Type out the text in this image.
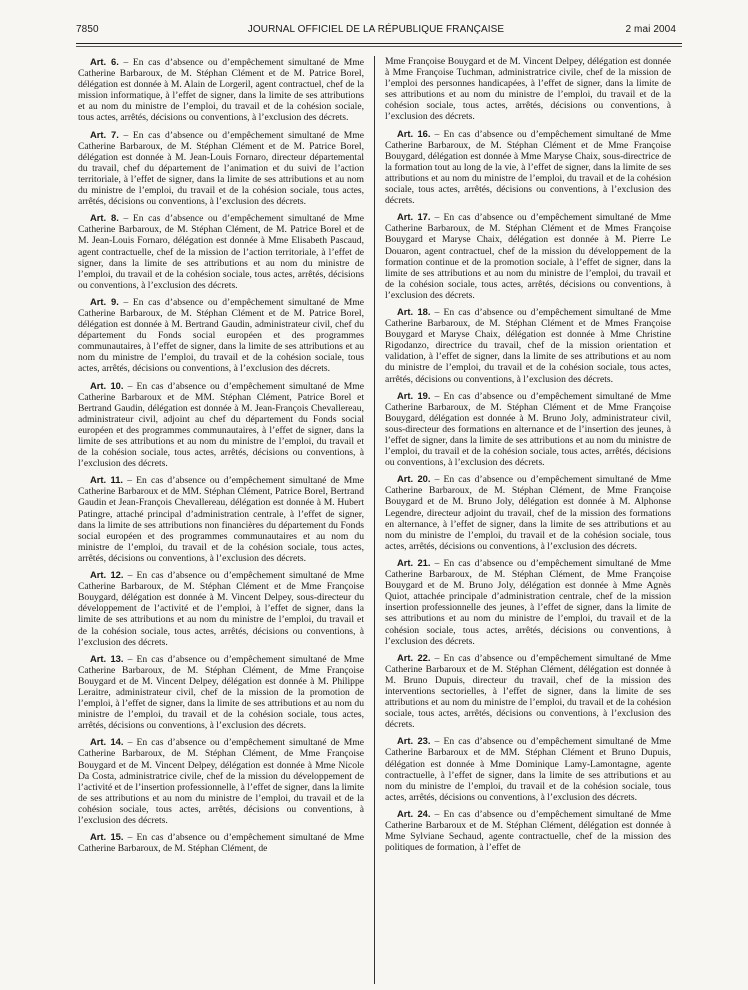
7850	JOURNAL OFFICIEL DE LA RÉPUBLIQUE FRANÇAISE	2 mai 2004

Art. 6. – En cas d’absence ou d’empêchement simultané de Mme Catherine Barbaroux, de M. Stéphan Clément et de M. Patrice Borel, délégation est donnée à M. Alain de Lorgeril, agent contractuel, chef de la mission informatique, à l’effet de signer, dans la limite de ses attributions et au nom du ministre de l’emploi, du travail et de la cohésion sociale, tous actes, arrêtés, décisions ou conventions, à l’exclusion des décrets.

Art. 7. – En cas d’absence ou d’empêchement simultané de Mme Catherine Barbaroux, de M. Stéphan Clément et de M. Patrice Borel, délégation est donnée à M. Jean-Louis Fornaro, directeur départemental du travail, chef du département de l’animation et du suivi de l’action territoriale, à l’effet de signer, dans la limite de ses attributions et au nom du ministre de l’emploi, du travail et de la cohésion sociale, tous actes, arrêtés, décisions ou conventions, à l’exclusion des décrets.

Art. 8. – En cas d’absence ou d’empêchement simultané de Mme Catherine Barbaroux, de M. Stéphan Clément, de M. Patrice Borel et de M. Jean-Louis Fornaro, délégation est donnée à Mme Elisabeth Pascaud, agent contractuelle, chef de la mission de l’action territoriale, à l’effet de signer, dans la limite de ses attributions et au nom du ministre de l’emploi, du travail et de la cohésion sociale, tous actes, arrêtés, décisions ou conventions, à l’exclusion des décrets.

Art. 9. – En cas d’absence ou d’empêchement simultané de Mme Catherine Barbaroux, de M. Stéphan Clément et de M. Patrice Borel, délégation est donnée à M. Bertrand Gaudin, administrateur civil, chef du département du Fonds social européen et des programmes communautaires, à l’effet de signer, dans la limite de ses attributions et au nom du ministre de l’emploi, du travail et de la cohésion sociale, tous actes, arrêtés, décisions ou conventions, à l’exclusion des décrets.

Art. 10. – En cas d’absence ou d’empêchement simultané de Mme Catherine Barbaroux et de MM. Stéphan Clément, Patrice Borel et Bertrand Gaudin, délégation est donnée à M. Jean-François Chevallereau, administrateur civil, adjoint au chef du département du Fonds social européen et des programmes communautaires, à l’effet de signer, dans la limite de ses attributions et au nom du ministre de l’emploi, du travail et de la cohésion sociale, tous actes, arrêtés, décisions ou conventions, à l’exclusion des décrets.

Art. 11. – En cas d’absence ou d’empêchement simultané de Mme Catherine Barbaroux et de MM. Stéphan Clément, Patrice Borel, Bertrand Gaudin et Jean-François Chevallereau, délégation est donnée à M. Hubert Patingre, attaché principal d’administration centrale, à l’effet de signer, dans la limite de ses attributions non financières du département du Fonds social européen et des programmes communautaires et au nom du ministre de l’emploi, du travail et de la cohésion sociale, tous actes, arrêtés, décisions ou conventions, à l’exclusion des décrets.

Art. 12. – En cas d’absence ou d’empêchement simultané de Mme Catherine Barbaroux, de M. Stéphan Clément et de Mme Françoise Bouygard, délégation est donnée à M. Vincent Delpey, sous-directeur du développement de l’activité et de l’emploi, à l’effet de signer, dans la limite de ses attributions et au nom du ministre de l’emploi, du travail et de la cohésion sociale, tous actes, arrêtés, décisions ou conventions, à l’exclusion des décrets.

Art. 13. – En cas d’absence ou d’empêchement simultané de Mme Catherine Barbaroux, de M. Stéphan Clément, de Mme Françoise Bouygard et de M. Vincent Delpey, délégation est donnée à M. Philippe Leraitre, administrateur civil, chef de la mission de la promotion de l’emploi, à l’effet de signer, dans la limite de ses attributions et au nom du ministre de l’emploi, du travail et de la cohésion sociale, tous actes, arrêtés, décisions ou conventions, à l’exclusion des décrets.

Art. 14. – En cas d’absence ou d’empêchement simultané de Mme Catherine Barbaroux, de M. Stéphan Clément, de Mme Françoise Bouygard et de M. Vincent Delpey, délégation est donnée à Mme Nicole Da Costa, administratrice civile, chef de la mission du développement de l’activité et de l’insertion professionnelle, à l’effet de signer, dans la limite de ses attributions et au nom du ministre de l’emploi, du travail et de la cohésion sociale, tous actes, arrêtés, décisions ou conventions, à l’exclusion des décrets.

Art. 15. – En cas d’absence ou d’empêchement simultané de Mme Catherine Barbaroux, de M. Stéphan Clément, de

Mme Françoise Bouygard et de M. Vincent Delpey, délégation est donnée à Mme Françoise Tuchman, administratrice civile, chef de la mission de l’emploi des personnes handicapées, à l’effet de signer, dans la limite de ses attributions et au nom du ministre de l’emploi, du travail et de la cohésion sociale, tous actes, arrêtés, décisions ou conventions, à l’exclusion des décrets.

Art. 16. – En cas d’absence ou d’empêchement simultané de Mme Catherine Barbaroux, de M. Stéphan Clément et de Mme Françoise Bouygard, délégation est donnée à Mme Maryse Chaix, sous-directrice de la formation tout au long de la vie, à l’effet de signer, dans la limite de ses attributions et au nom du ministre de l’emploi, du travail et de la cohésion sociale, tous actes, arrêtés, décisions ou conventions, à l’exclusion des décrets.

Art. 17. – En cas d’absence ou d’empêchement simultané de Mme Catherine Barbaroux, de M. Stéphan Clément et de Mmes Françoise Bouygard et Maryse Chaix, délégation est donnée à M. Pierre Le Douaron, agent contractuel, chef de la mission du développement de la formation continue et de la promotion sociale, à l’effet de signer, dans la limite de ses attributions et au nom du ministre de l’emploi, du travail et de la cohésion sociale, tous actes, arrêtés, décisions ou conventions, à l’exclusion des décrets.

Art. 18. – En cas d’absence ou d’empêchement simultané de Mme Catherine Barbaroux, de M. Stéphan Clément et de Mmes Françoise Bouygard et Maryse Chaix, délégation est donnée à Mme Christine Rigodanzo, directrice du travail, chef de la mission orientation et validation, à l’effet de signer, dans la limite de ses attributions et au nom du ministre de l’emploi, du travail et de la cohésion sociale, tous actes, arrêtés, décisions ou conventions, à l’exclusion des décrets.

Art. 19. – En cas d’absence ou d’empêchement simultané de Mme Catherine Barbaroux, de M. Stéphan Clément et de Mme Françoise Bouygard, délégation est donnée à M. Bruno Joly, administrateur civil, sous-directeur des formations en alternance et de l’insertion des jeunes, à l’effet de signer, dans la limite de ses attributions et au nom du ministre de l’emploi, du travail et de la cohésion sociale, tous actes, arrêtés, décisions ou conventions, à l’exclusion des décrets.

Art. 20. – En cas d’absence ou d’empêchement simultané de Mme Catherine Barbaroux, de M. Stéphan Clément, de Mme Françoise Bouygard et de M. Bruno Joly, délégation est donnée à M. Alphonse Legendre, directeur adjoint du travail, chef de la mission des formations en alternance, à l’effet de signer, dans la limite de ses attributions et au nom du ministre de l’emploi, du travail et de la cohésion sociale, tous actes, arrêtés, décisions ou conventions, à l’exclusion des décrets.

Art. 21. – En cas d’absence ou d’empêchement simultané de Mme Catherine Barbaroux, de M. Stéphan Clément, de Mme Françoise Bouygard et de M. Bruno Joly, délégation est donnée à Mme Agnès Quiot, attachée principale d’administration centrale, chef de la mission insertion professionnelle des jeunes, à l’effet de signer, dans la limite de ses attributions et au nom du ministre de l’emploi, du travail et de la cohésion sociale, tous actes, arrêtés, décisions ou conventions, à l’exclusion des décrets.

Art. 22. – En cas d’absence ou d’empêchement simultané de Mme Catherine Barbaroux et de M. Stéphan Clément, délégation est donnée à M. Bruno Dupuis, directeur du travail, chef de la mission des interventions sectorielles, à l’effet de signer, dans la limite de ses attributions et au nom du ministre de l’emploi, du travail et de la cohésion sociale, tous actes, arrêtés, décisions ou conventions, à l’exclusion des décrets.

Art. 23. – En cas d’absence ou d’empêchement simultané de Mme Catherine Barbaroux et de MM. Stéphan Clément et Bruno Dupuis, délégation est donnée à Mme Dominique Lamy-Lamontagne, agente contractuelle, à l’effet de signer, dans la limite de ses attributions et au nom du ministre de l’emploi, du travail et de la cohésion sociale, tous actes, arrêtés, décisions ou conventions, à l’exclusion des décrets.

Art. 24. – En cas d’absence ou d’empêchement simultané de Mme Catherine Barbaroux et de M. Stéphan Clément, délégation est donnée à Mme Sylviane Sechaud, agente contractuelle, chef de la mission des politiques de formation, à l’effet de
